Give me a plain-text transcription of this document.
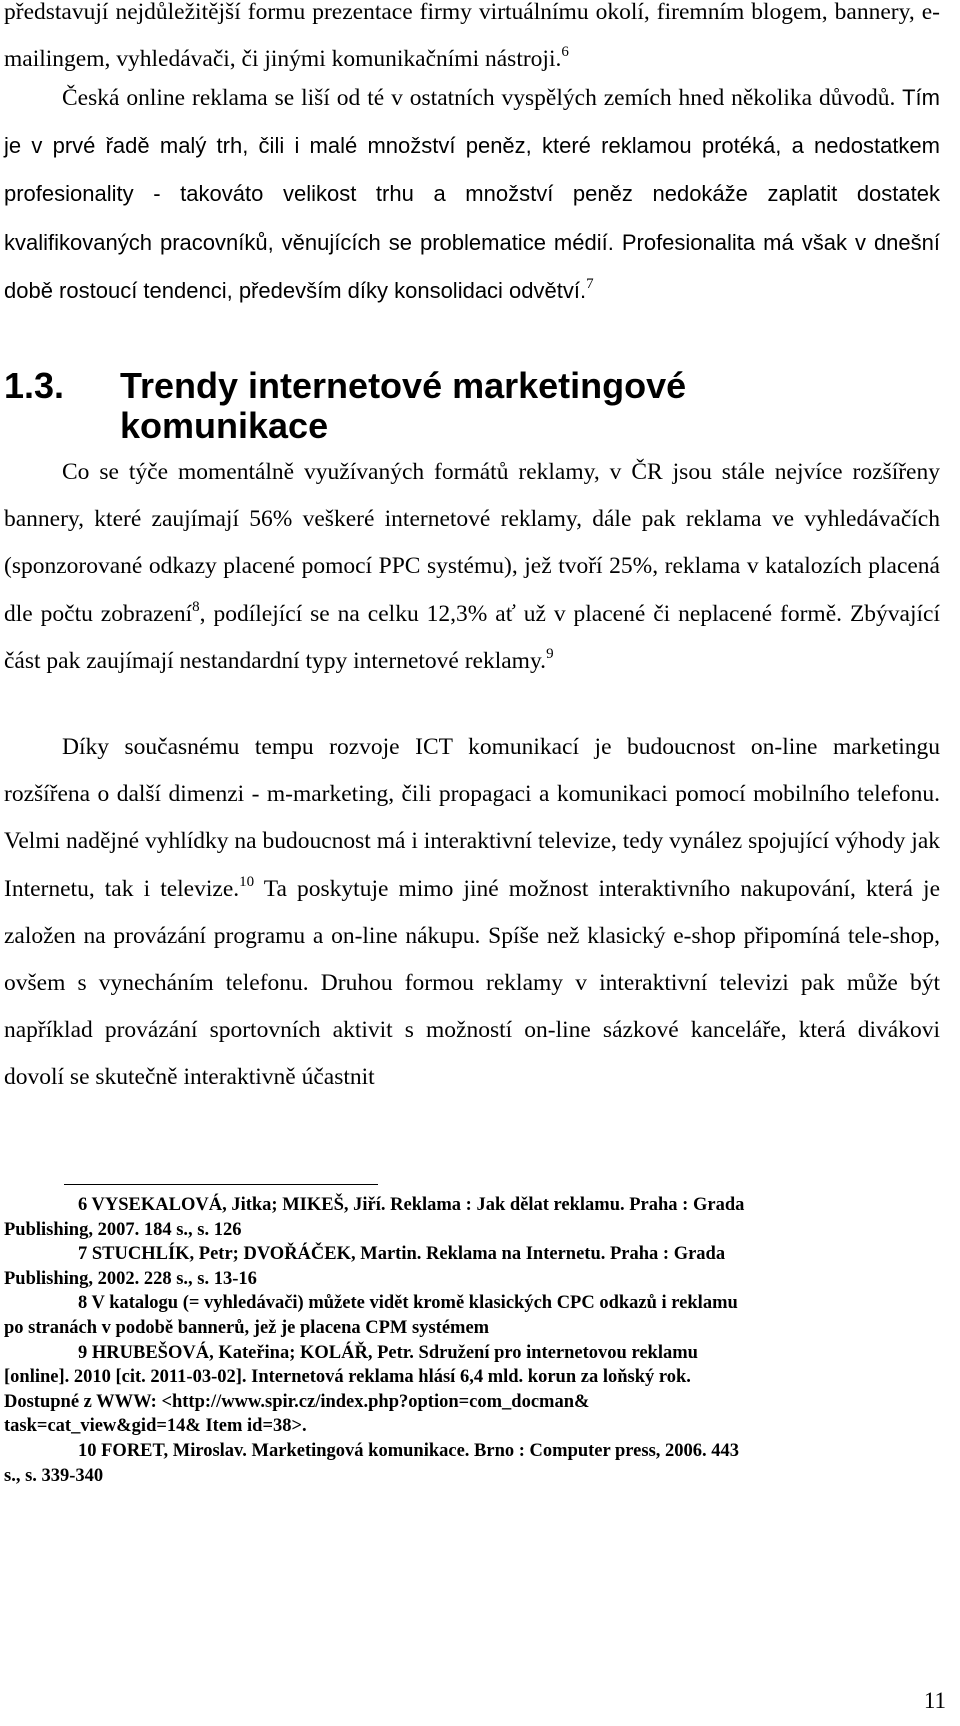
představují nejdůležitější formu prezentace firmy virtuálnímu okolí, firemním blogem, bannery, e-mailingem, vyhledávači, či jinými komunikačními nástroji.$^6$

Česká online reklama se liší od té v ostatních vyspělých zemích hned několika důvodů. Tím je v prvé řadě malý trh, čili i malé množství peněz, které reklamou protéká, a nedostatkem profesionality - takováto velikost trhu a množství peněz nedokáže zaplatit dostatek kvalifikovaných pracovníků, věnujících se problematice médií. Profesionalita má však v dnešní době rostoucí tendenci, především díky konsolidaci odvětví.$^7$

1.3. Trendy internetové marketingové
komunikace

Co se týče momentálně využívaných formátů reklamy, v ČR jsou stále nejvíce rozšířeny bannery, které zaujímají 56% veškeré internetové reklamy, dále pak reklama ve vyhledávačích (sponzorované odkazy placené pomocí PPC systému), jež tvoří 25%, reklama v katalozích placená dle počtu zobrazení$^8$, podílející se na celku 12,3% ať už v placené či neplacené formě. Zbývající část pak zaujímají nestandardní typy internetové reklamy.$^9$

Díky současnému tempu rozvoje ICT komunikací je budoucnost on-line marketingu rozšířena o další dimenzi - m-marketing, čili propagaci a komunikaci pomocí mobilního telefonu. Velmi nadějné vyhlídky na budoucnost má i interaktivní televize, tedy vynález spojující výhody jak Internetu, tak i televize.$^{10}$ Ta poskytuje mimo jiné možnost interaktivního nakupování, která je založen na provázání programu a on-line nákupu. Spíše než klasický e-shop připomíná tele-shop, ovšem s vynecháním telefonu. Druhou formou reklamy v interaktivní televizi pak může být například provázání sportovních aktivit s možností on-line sázkové kanceláře, která divákovi dovolí se skutečně interaktivně účastnit

6 VYSEKALOVÁ, Jitka; MIKEŠ, Jiří. Reklama : Jak dělat reklamu. Praha : Grada
Publishing, 2007. 184 s., s. 126
7 STUCHLÍK, Petr; DVOŘÁČEK, Martin. Reklama na Internetu. Praha : Grada
Publishing, 2002. 228 s., s. 13-16
8 V katalogu (= vyhledávači) můžete vidět kromě klasických CPC odkazů i reklamu
po stranách v podobě bannerů, jež je placena CPM systémem
9 HRUBEŠOVÁ, Kateřina; KOLÁŘ, Petr. Sdružení pro internetovou reklamu
[online]. 2010 [cit. 2011-03-02]. Internetová reklama hlásí 6,4 mld. korun za loňský rok.
Dostupné z WWW: <http://www.spir.cz/index.php?option=com_docman&
task=cat_view&gid=14& Item id=38>.
10 FORET, Miroslav. Marketingová komunikace. Brno : Computer press, 2006. 443
s., s. 339-340
11
